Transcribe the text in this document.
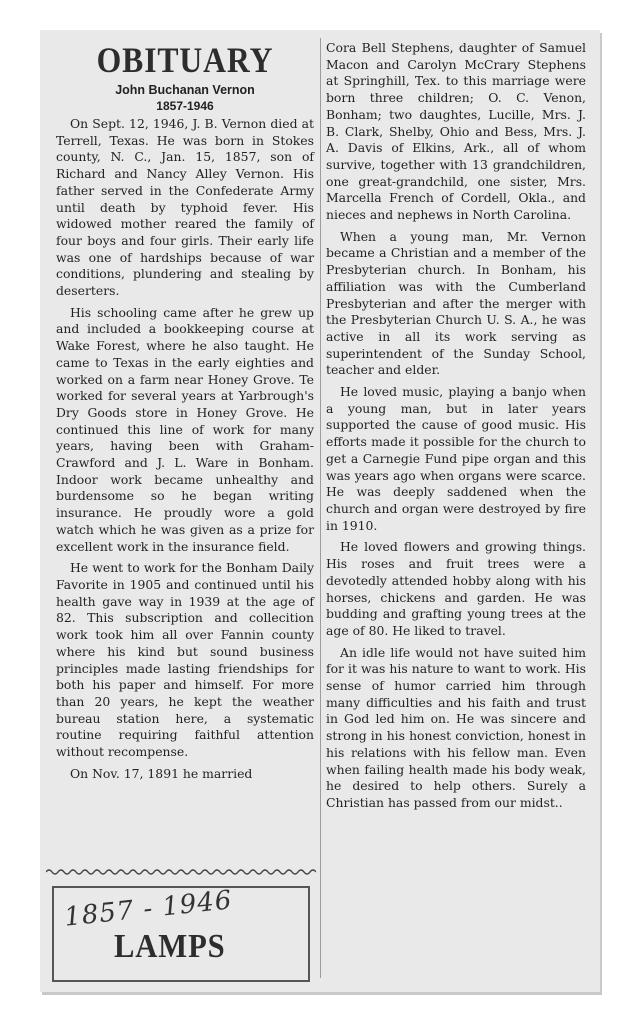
OBITUARY

John Buchanan Vernon

1857-1946

On Sept. 12, 1946, J. B. Vernon died at Terrell, Texas. He was born in Stokes county, N. C., Jan. 15, 1857, son of Richard and Nancy Alley Vernon. His father served in the Confederate Army until death by typhoid fever. His widowed mother reared the family of four boys and four girls. Their early life was one of hardships because of war conditions, plundering and stealing by deserters.

His schooling came after he grew up and included a bookkeeping course at Wake Forest, where he also taught. He came to Texas in the early eighties and worked on a farm near Honey Grove. Te worked for several years at Yarbrough's Dry Goods store in Honey Grove. He continued this line of work for many years, having been with Graham-Crawford and J. L. Ware in Bonham. Indoor work became unhealthy and burdensome so he began writing insurance. He proudly wore a gold watch which he was given as a prize for excellent work in the insurance field.

He went to work for the Bonham Daily Favorite in 1905 and continued until his health gave way in 1939 at the age of 82. This subscription and collecition work took him all over Fannin county where his kind but sound business principles made lasting friendships for both his paper and himself. For more than 20 years, he kept the weather bureau station here, a systematic routine requiring faithful attention without recompense.

On Nov. 17, 1891 he married

Cora Bell Stephens, daughter of Samuel Macon and Carolyn McCrary Stephens at Springhill, Tex. to this marriage were born three children; O. C. Venon, Bonham; two daughtes, Lucille, Mrs. J. B. Clark, Shelby, Ohio and Bess, Mrs. J. A. Davis of Elkins, Ark., all of whom survive, together with 13 grandchildren, one great-grandchild, one sister, Mrs. Marcella French of Cordell, Okla., and nieces and nephews in North Carolina.

When a young man, Mr. Vernon became a Christian and a member of the Presbyterian church. In Bonham, his affiliation was with the Cumberland Presbyterian and after the merger with the Presbyterian Church U. S. A., he was active in all its work serving as superintendent of the Sunday School, teacher and elder.

He loved music, playing a banjo when a young man, but in later years supported the cause of good music. His efforts made it possible for the church to get a Carnegie Fund pipe organ and this was years ago when organs were scarce. He was deeply saddened when the church and organ were destroyed by fire in 1910.

He loved flowers and growing things. His roses and fruit trees were a devotedly attended hobby along with his horses, chickens and garden. He was budding and grafting young trees at the age of 80. He liked to travel.

An idle life would not have suited him for it was his nature to want to work. His sense of humor carried him through many difficulties and his faith and trust in God led him on. He was sincere and strong in his honest conviction, honest in his relations with his fellow man. Even when failing health made his body weak, he desired to help others. Surely a Christian has passed from our midst..

1857 - 1946
LAMPS
